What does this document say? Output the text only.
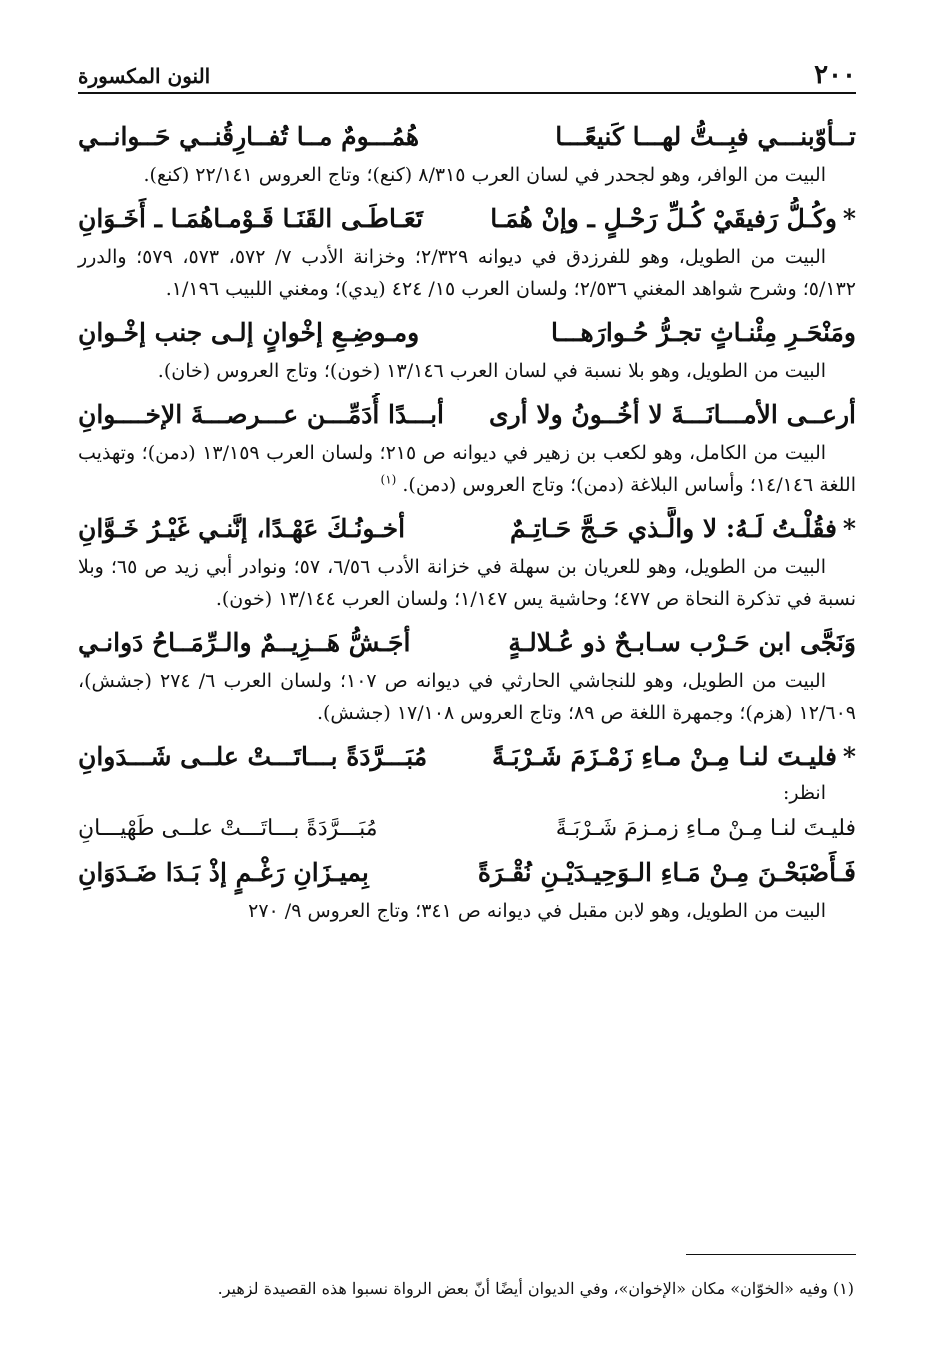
٢٠٠
النون المكسورة
تــأوّبنـــي فبِــتُّ لهـــا كَنيعًـــا
هُمُـــومٌ مــا تُفــارِقُنــي حَــوانــي
البيت من الوافر، وهو لجحدر في لسان العرب ٨/٣١٥ (كنع)؛ وتاج العروس ٢٢/١٤١ (كنع).
*وكُـلُّ رَفيقَيْ كُـلِّ رَحْـلٍ ـ وإنْ هُمَـا
تَعَـاطَـى القَنَـا قَـوْمـاهُمَـا ـ أَخَـوَانِ
البيت من الطويل، وهو للفرزدق في ديوانه ٢/٣٢٩؛ وخزانة الأدب ٧/ ٥٧٢، ٥٧٣، ٥٧٩؛ والدرر ٥/١٣٢؛ وشرح شواهد المغني ٢/٥٣٦؛ ولسان العرب ١٥/ ٤٢٤ (يدي)؛ ومغني اللبيب ١/١٩٦.
ومَنْحَـرِ مِئْنـاثٍ تجـرُّ حُـوارَهـــا
ومـوضِـعِ إخْوانٍ إلـى جنب إخْـوانِ
البيت من الطويل، وهو بلا نسبة في لسان العرب ١٣/١٤٦ (خون)؛ وتاج العروس (خان).
أرعــى الأمـــانَـــةَ لا أخُــونُ ولا أرى
أبـــدًا أُدَمِّـــن عـــرصـــةَ الإخــــوانِ
البيت من الكامل، وهو لكعب بن زهير في ديوانه ص ٢١٥؛ ولسان العرب ١٣/١٥٩ (دمن)؛ وتهذيب اللغة ١٤/١٤٦؛ وأساس البلاغة (دمن)؛ وتاج العروس (دمن). $^{(١)}$
*فقُلْـتُ لَـهُ: لا والَّـذي حَـجَّ حَـاتِـمٌ
أخـونُـكَ عَهْـدًا، إنَّنـي غَيْـرُ خَـوَّانِ
البيت من الطويل، وهو للعريان بن سهلة في خزانة الأدب ٦/٥٦، ٥٧؛ ونوادر أبي زيد ص ٦٥؛ وبلا نسبة في تذكرة النحاة ص ٤٧٧؛ وحاشية يس ١/١٤٧؛ ولسان العرب ١٣/١٤٤ (خون).
وَنَجَّى ابن حَـرْب سـابـحٌ ذو عُـلالـةٍ
أجَـشُّ هَــزِيــمٌ والـرِّمَــاحُ دَوانـي
البيت من الطويل، وهو للنجاشي الحارثي في ديوانه ص ١٠٧؛ ولسان العرب ٦/ ٢٧٤ (جشش)، ١٢/٦٠٩ (هزم)؛ وجمهرة اللغة ص ٨٩؛ وتاج العروس ١٧/١٠٨ (جشش).
*فليـتَ لنـا مِـنْ مـاءِ زَمْـزَمَ شَـرْبَـةً
مُبَـــرَّدَةً بـــاتَـــتْ علــى شَـــدَوانِ
انظر:
فليـتَ لنـا مِـنْ مـاءِ زمـزمَ شَـرْبَـةً
مُبَـــرَّدَةً بـــاتَـــتْ علــى طَهْيـــانِ
فَـأَصْبَحْـنَ مِـنْ مَـاءِ الـوَحِيـدَيْـنِ نُقْـرَةً
بِميـزَانِ رَغْـمٍ إذْ بَـدَا ضَـدَوَانِ
البيت من الطويل، وهو لابن مقبل في ديوانه ص ٣٤١؛ وتاج العروس ٩/ ٢٧٠
(١) وفيه «الخوّان» مكان «الإخوان»، وفي الديوان أيضًا أنّ بعض الرواة نسبوا هذه القصيدة لزهير.
